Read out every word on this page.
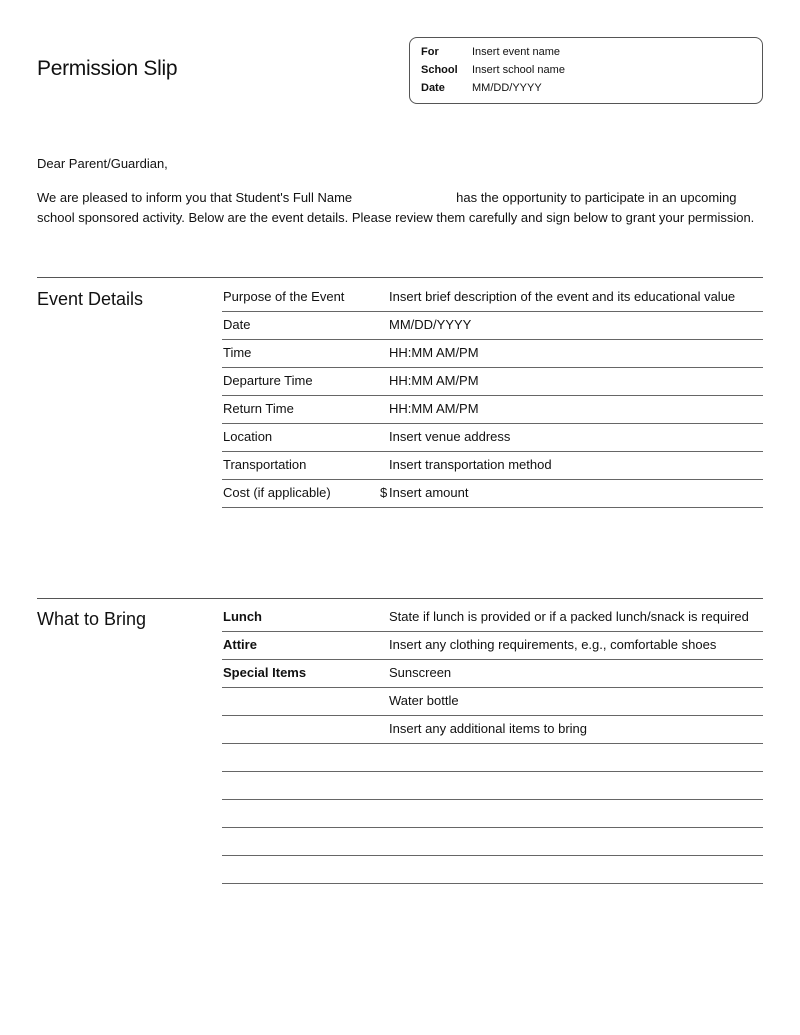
Permission Slip
For	Insert event name
School Insert school name
Date MM/DD/YYYY
Dear Parent/Guardian,
We are pleased to inform you that Student's Full Name	has the opportunity to participate in an upcoming school sponsored activity. Below are the event details. Please review them carefully and sign below to grant your permission.
Event Details	Purpose of the Event	Insert brief description of the event and its educational value
Date	MM/DD/YYYY
Time	HH:MM AM/PM
Departure Time	HH:MM AM/PM
Return Time	HH:MM AM/PM
Location	Insert venue address
Transportation	Insert transportation method
Cost (if applicable)	$ Insert amount
What to Bring	Lunch	State if lunch is provided or if a packed lunch/snack is required
Attire	Insert any clothing requirements, e.g., comfortable shoes
Special Items	Sunscreen
Water bottle
Insert any additional items to bring
